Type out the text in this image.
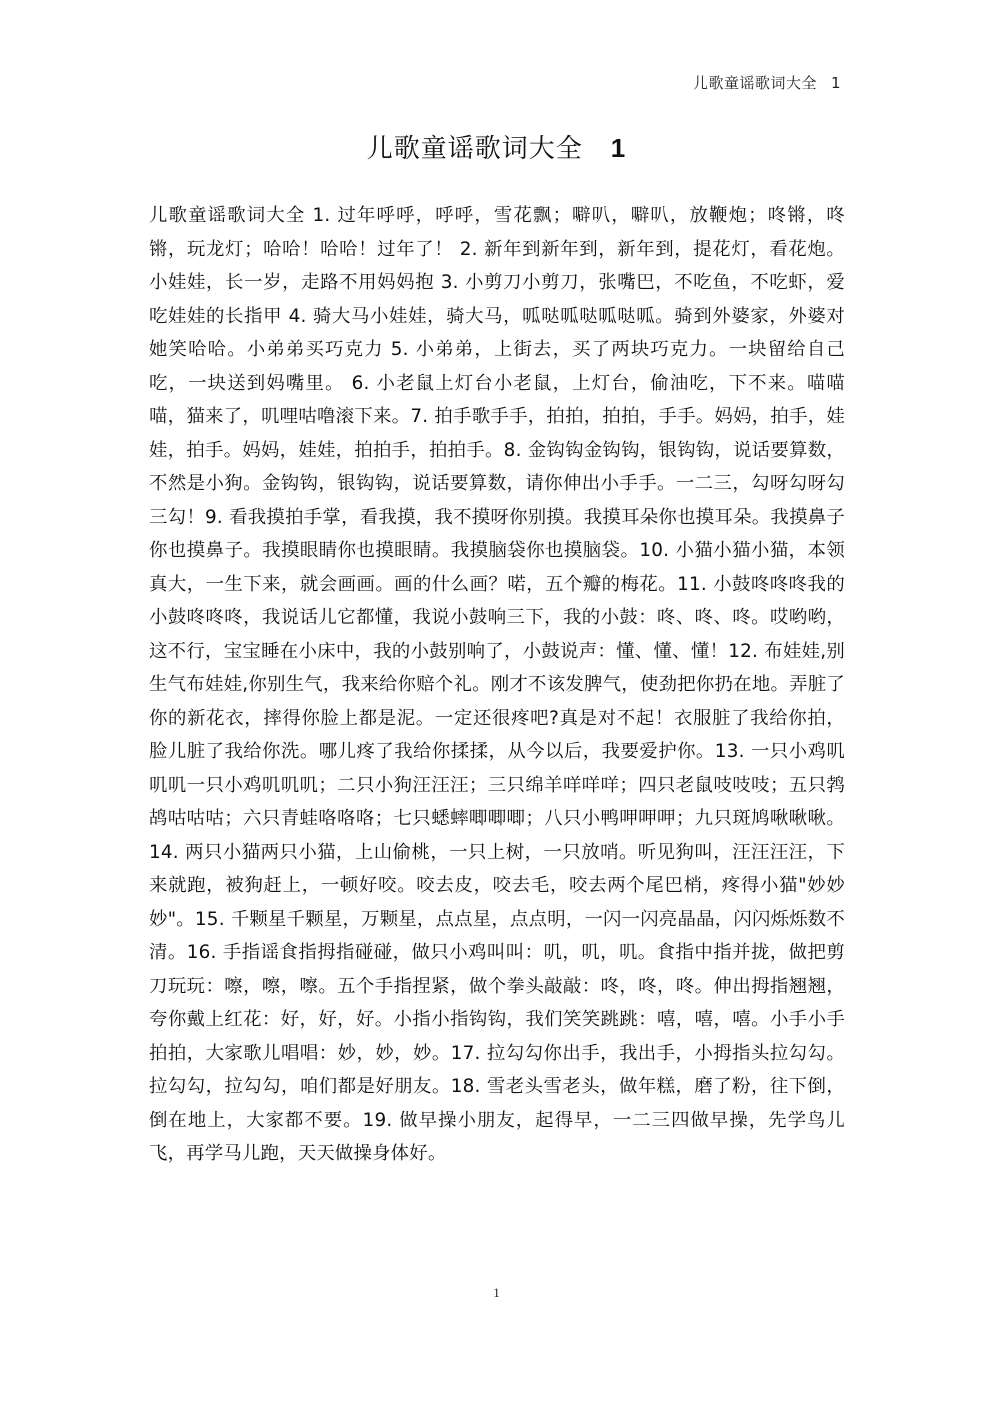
儿歌童谣歌词大全 1
儿歌童谣歌词大全 1

儿歌童谣歌词大全 1. 过年呼呼，呼呼，雪花飘；噼叭，噼叭，放鞭炮；咚锵，咚锵，玩龙灯；哈哈！哈哈！过年了！ 2. 新年到新年到，新年到，提花灯，看花炮。小娃娃，长一岁，走路不用妈妈抱 3. 小剪刀小剪刀，张嘴巴，不吃鱼，不吃虾，爱吃娃娃的长指甲 4. 骑大马小娃娃，骑大马，呱哒呱哒呱哒呱。骑到外婆家，外婆对她笑哈哈。小弟弟买巧克力 5. 小弟弟，上街去，买了两块巧克力。一块留给自己吃，一块送到妈嘴里。 6. 小老鼠上灯台小老鼠，上灯台，偷油吃，下不来。喵喵喵，猫来了，叽哩咕噜滚下来。7. 拍手歌手手，拍拍，拍拍，手手。妈妈，拍手，娃娃，拍手。妈妈，娃娃，拍拍手，拍拍手。8. 金钩钩金钩钩，银钩钩，说话要算数，不然是小狗。金钩钩，银钩钩，说话要算数，请你伸出小手手。一二三，勾呀勾呀勾三勾！9. 看我摸拍手掌，看我摸，我不摸呀你别摸。我摸耳朵你也摸耳朵。我摸鼻子你也摸鼻子。我摸眼睛你也摸眼睛。我摸脑袋你也摸脑袋。10. 小猫小猫小猫，本领真大，一生下来，就会画画。画的什么画？喏，五个瓣的梅花。11. 小鼓咚咚咚我的小鼓咚咚咚，我说话儿它都懂，我说小鼓响三下，我的小鼓：咚、咚、咚。哎哟哟，这不行，宝宝睡在小床中，我的小鼓别响了，小鼓说声：懂、懂、懂！12. 布娃娃,别生气布娃娃,你别生气，我来给你赔个礼。刚才不该发脾气，使劲把你扔在地。弄脏了你的新花衣，摔得你脸上都是泥。一定还很疼吧?真是对不起！衣服脏了我给你拍，脸儿脏了我给你洗。哪儿疼了我给你揉揉，从今以后，我要爱护你。13. 一只小鸡叽叽叽一只小鸡叽叽叽；二只小狗汪汪汪；三只绵羊咩咩咩；四只老鼠吱吱吱；五只鹁鸪咕咕咕；六只青蛙咯咯咯；七只蟋蟀唧唧唧；八只小鸭呷呷呷；九只斑鸠啾啾啾。14. 两只小猫两只小猫，上山偷桃，一只上树，一只放哨。听见狗叫，汪汪汪汪，下来就跑，被狗赶上，一顿好咬。咬去皮，咬去毛，咬去两个尾巴梢，疼得小猫"妙妙妙"。15. 千颗星千颗星，万颗星，点点星，点点明，一闪一闪亮晶晶，闪闪烁烁数不清。16. 手指谣食指拇指碰碰，做只小鸡叫叫：叽，叽，叽。食指中指并拢，做把剪刀玩玩：嚓，嚓，嚓。五个手指捏紧，做个拳头敲敲：咚，咚，咚。伸出拇指翘翘，夸你戴上红花：好，好，好。小指小指钩钩，我们笑笑跳跳：嘻，嘻，嘻。小手小手拍拍，大家歌儿唱唱：妙，妙，妙。17. 拉勾勾你出手，我出手，小拇指头拉勾勾。拉勾勾，拉勾勾，咱们都是好朋友。18. 雪老头雪老头，做年糕，磨了粉，往下倒，倒在地上，大家都不要。19. 做早操小朋友，起得早，一二三四做早操，先学鸟儿飞，再学马儿跑，天天做操身体好。

1
